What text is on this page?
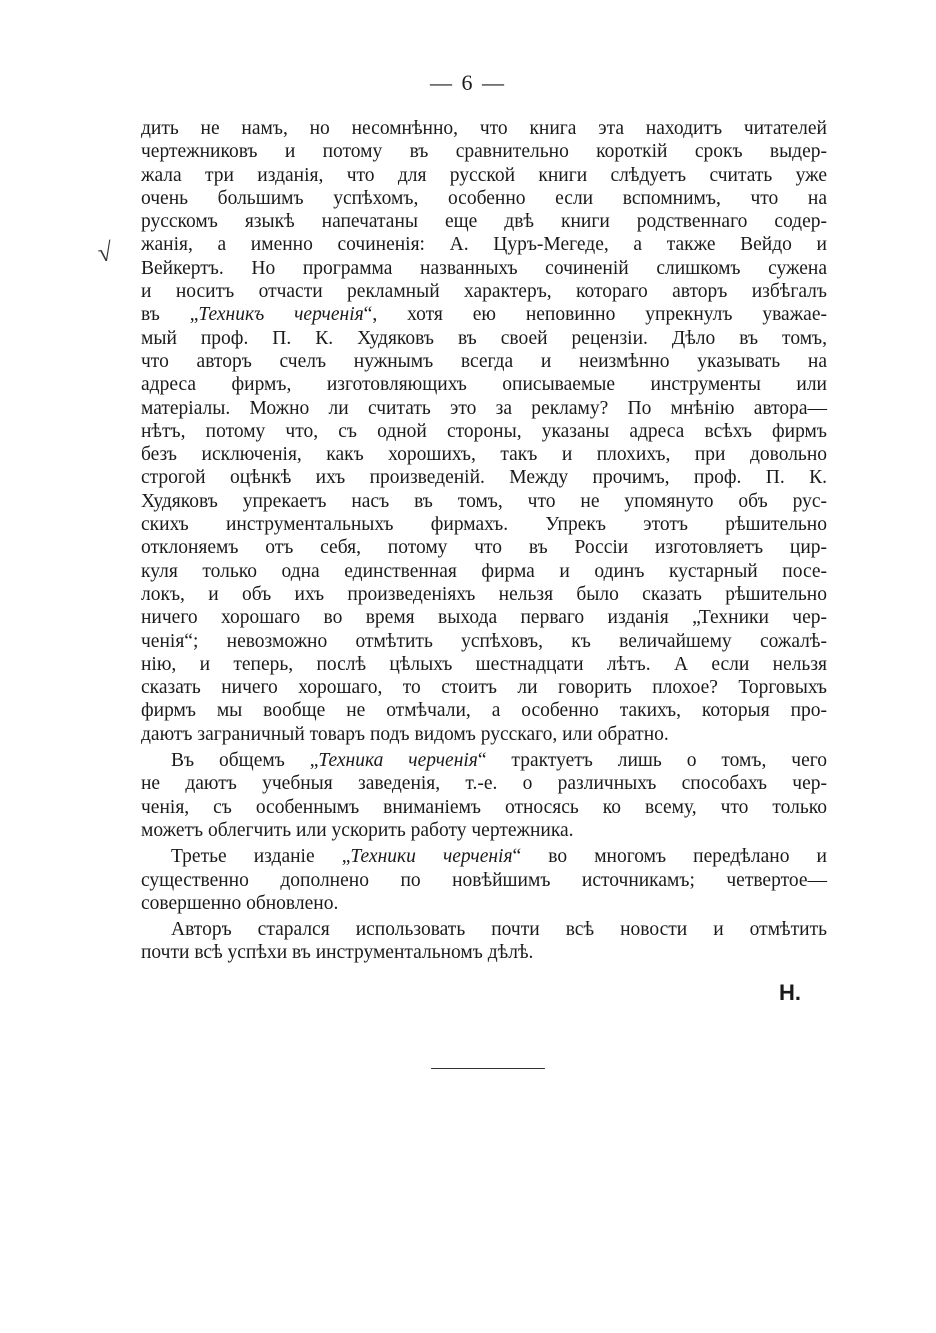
— 6 —
√
дить не намъ, но несомнѣнно, что книга эта находитъ читателей
чертежниковъ и потому въ сравнительно короткій срокъ выдер-
жала три изданія, что для русской книги слѣдуетъ считать уже
очень большимъ успѣхомъ, особенно если вспомнимъ, что на
русскомъ языкѣ напечатаны еще двѣ книги родственнаго содер-
жанія, а именно сочиненія: А. Цуръ-Мегеде, а также Вейдо и
Вейкертъ. Но программа названныхъ сочиненій слишкомъ сужена
и носитъ отчасти рекламный характеръ, котораго авторъ избѣгалъ
въ „Техникъ черченія“, хотя ею неповинно упрекнулъ уважае-
мый проф. П. К. Худяковъ въ своей рецензіи. Дѣло въ томъ,
что авторъ счелъ нужнымъ всегда и неизмѣнно указывать на
адреса фирмъ, изготовляющихъ описываемые инструменты или
матеріалы. Можно ли считать это за рекламу? По мнѣнію автора—
нѣтъ, потому что, съ одной стороны, указаны адреса всѣхъ фирмъ
безъ исключенія, какъ хорошихъ, такъ и плохихъ, при довольно
строгой оцѣнкѣ ихъ произведеній. Между прочимъ, проф. П. К.
Худяковъ упрекаетъ насъ въ томъ, что не упомянуто объ рус-
скихъ инструментальныхъ фирмахъ. Упрекъ этотъ рѣшительно
отклоняемъ отъ себя, потому что въ Россіи изготовляетъ цир-
куля только одна единственная фирма и одинъ кустарный посе-
локъ, и объ ихъ произведеніяхъ нельзя было сказать рѣшительно
ничего хорошаго во время выхода перваго изданія „Техники чер-
ченія“; невозможно отмѣтить успѣховъ, къ величайшему сожалѣ-
нію, и теперь, послѣ цѣлыхъ шестнадцати лѣтъ. А если нельзя
сказать ничего хорошаго, то стоитъ ли говорить плохое? Торговыхъ
фирмъ мы вообще не отмѣчали, а особенно такихъ, которыя про-
даютъ заграничный товаръ подъ видомъ русскаго, или обратно.
Въ общемъ „Техника черченія“ трактуетъ лишь о томъ, чего
не даютъ учебныя заведенія, т.-е. о различныхъ способахъ чер-
ченія, съ особеннымъ вниманіемъ относясь ко всему, что только
можетъ облегчить или ускорить работу чертежника.
Третье изданіе „Техники черченія“ во многомъ передѣлано и
существенно дополнено по новѣйшимъ источникамъ; четвертое—
совершенно обновлено.
Авторъ старался использовать почти всѣ новости и отмѣтить
почти всѣ успѣхи въ инструментальномъ дѣлѣ.
Н.
